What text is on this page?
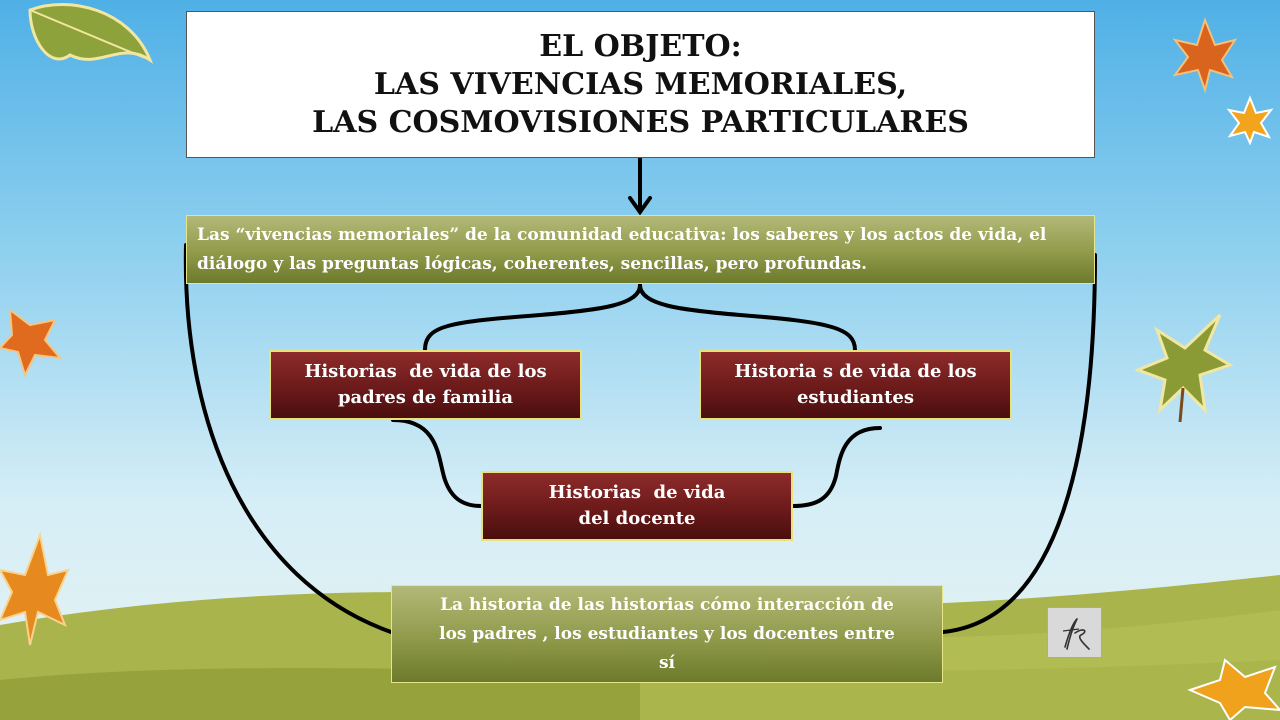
EL OBJETO:
LAS VIVENCIAS MEMORIALES,
LAS COSMOVISIONES PARTICULARES
Las “vivencias memoriales” de la comunidad educativa: los saberes y los actos de vida, el diálogo y las preguntas lógicas, coherentes, sencillas, pero profundas.
Historias  de vida de los
padres de familia
Historia s de vida de los
estudiantes
Historias  de vida
del docente
La historia de las historias cómo interacción de
los padres , los estudiantes y los docentes entre
sí
